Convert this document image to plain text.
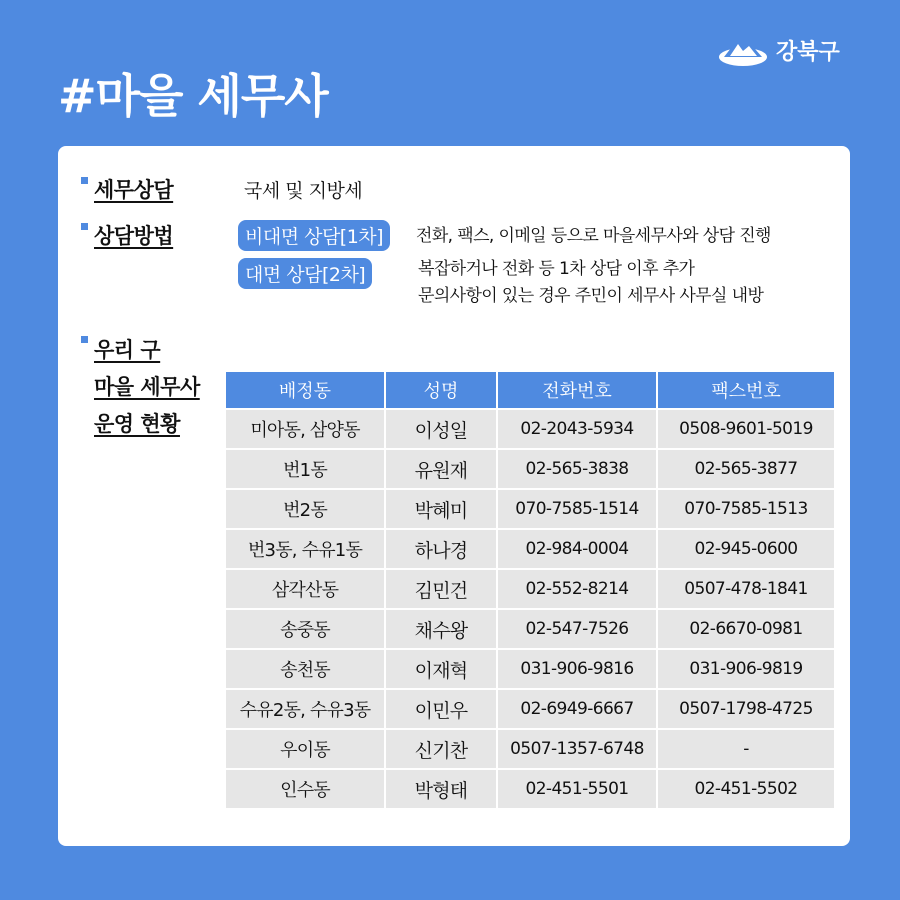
#마을 세무사
강북구
세무상담	국세 및 지방세
상담방법	비대면 상담[1차]	전화, 팩스, 이메일 등으로 마을세무사와 상담 진행
대면 상담[2차]	복잡하거나 전화 등 1차 상담 이후 추가
문의사항이 있는 경우 주민이 세무사 사무실 내방
우리 구
마을 세무사
운영 현황
배정동	성명	전화번호	팩스번호
미아동, 삼양동	이성일	02-2043-5934	0508-9601-5019
번1동	유원재	02-565-3838	02-565-3877
번2동	박혜미	070-7585-1514	070-7585-1513
번3동, 수유1동	하나경	02-984-0004	02-945-0600
삼각산동	김민건	02-552-8214	0507-478-1841
송중동	채수왕	02-547-7526	02-6670-0981
송천동	이재혁	031-906-9816	031-906-9819
수유2동, 수유3동	이민우	02-6949-6667	0507-1798-4725
우이동	신기찬	0507-1357-6748	-
인수동	박형태	02-451-5501	02-451-5502
